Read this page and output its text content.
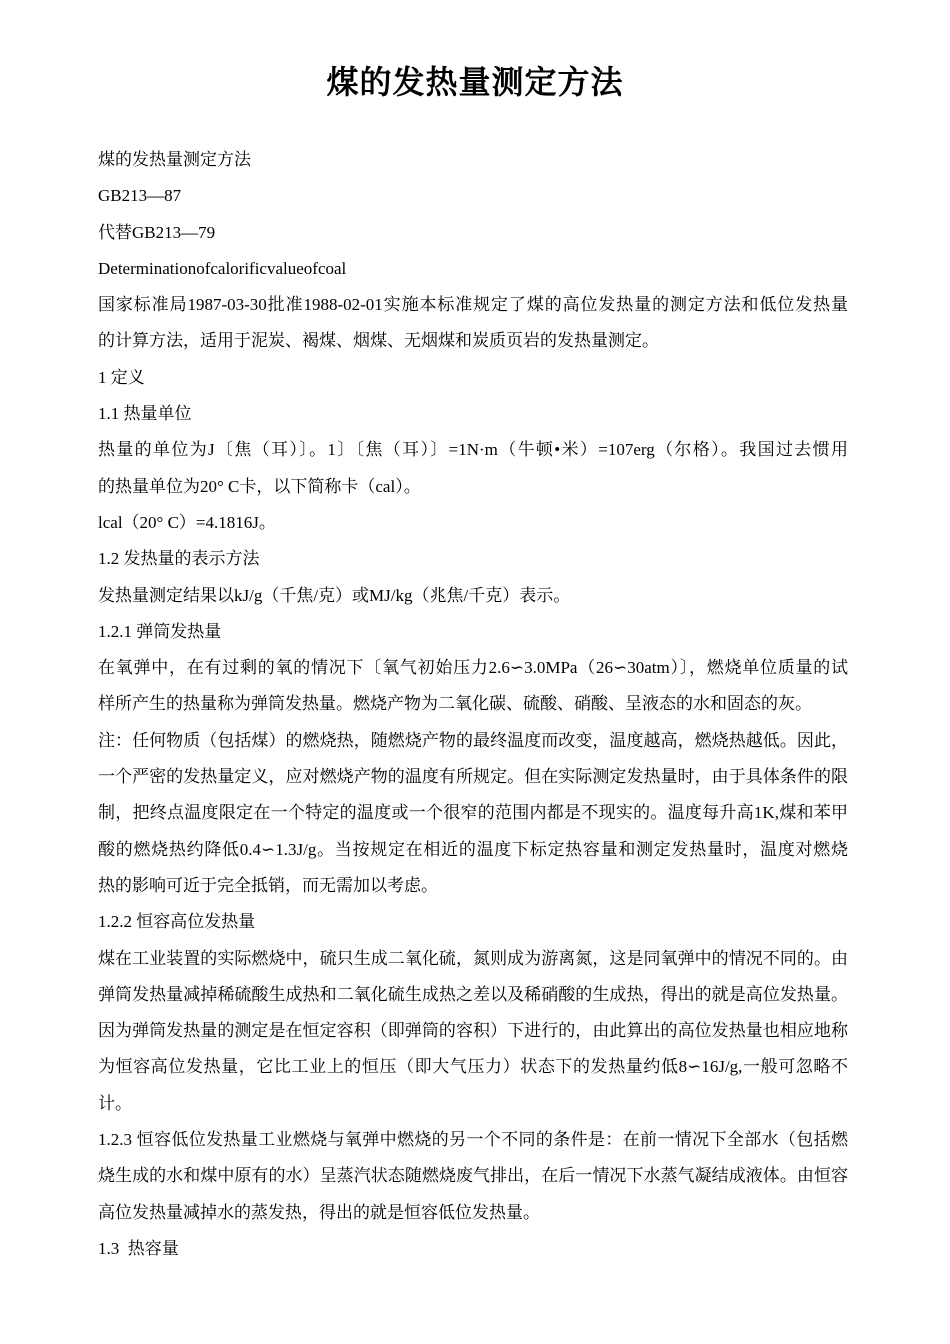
煤的发热量测定方法
煤的发热量测定方法
GB213—87
代替GB213—79
Determinationofcalorificvalueofcoal
国家标准局1987-03-30批准1988-02-01实施本标准规定了煤的高位发热量的测定方法和低位发热量
的计算方法，适用于泥炭、褐煤、烟煤、无烟煤和炭质页岩的发热量测定。
1 定义
1.1 热量单位
热量的单位为J〔焦（耳）〕。1〕〔焦（耳）〕=1N·m（牛顿•米）=107erg（尔格）。我国过去惯用
的热量单位为20° C卡，以下简称卡（cal）。
lcal（20° C）=4.1816J。
1.2 发热量的表示方法
发热量测定结果以kJ/g（千焦/克）或MJ/kg（兆焦/千克）表示。
1.2.1 弹筒发热量
在氧弹中，在有过剩的氧的情况下〔氧气初始压力2.6∽3.0MPa（26∽30atm）〕，燃烧单位质量的试
样所产生的热量称为弹筒发热量。燃烧产物为二氧化碳、硫酸、硝酸、呈液态的水和固态的灰。
注：任何物质（包括煤）的燃烧热，随燃烧产物的最终温度而改变，温度越高，燃烧热越低。因此，
一个严密的发热量定义，应对燃烧产物的温度有所规定。但在实际测定发热量时，由于具体条件的限
制，把终点温度限定在一个特定的温度或一个很窄的范围内都是不现实的。温度每升高1K,煤和苯甲
酸的燃烧热约降低0.4∽1.3J/g。当按规定在相近的温度下标定热容量和测定发热量时，温度对燃烧
热的影响可近于完全抵销，而无需加以考虑。
1.2.2 恒容高位发热量
煤在工业装置的实际燃烧中，硫只生成二氧化硫，氮则成为游离氮，这是同氧弹中的情况不同的。由
弹筒发热量减掉稀硫酸生成热和二氧化硫生成热之差以及稀硝酸的生成热，得出的就是高位发热量。
因为弹筒发热量的测定是在恒定容积（即弹筒的容积）下进行的，由此算出的高位发热量也相应地称
为恒容高位发热量，它比工业上的恒压（即大气压力）状态下的发热量约低8∽16J/g,一般可忽略不
计。
1.2.3 恒容低位发热量工业燃烧与氧弹中燃烧的另一个不同的条件是：在前一情况下全部水（包括燃
烧生成的水和煤中原有的水）呈蒸汽状态随燃烧废气排出，在后一情况下水蒸气凝结成液体。由恒容
高位发热量减掉水的蒸发热，得出的就是恒容低位发热量。
1.3  热容量
